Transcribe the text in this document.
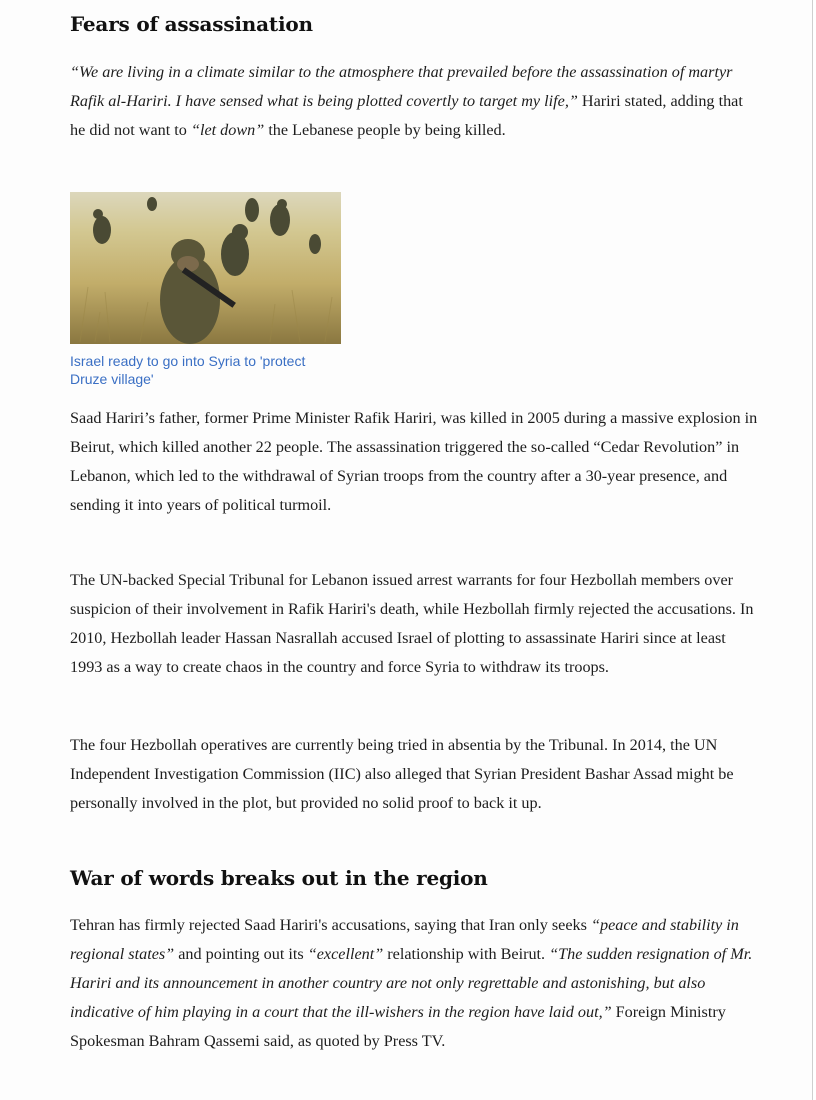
Fears of assassination

“We are living in a climate similar to the atmosphere that prevailed before the assassination of martyr Rafik al-Hariri. I have sensed what is being plotted covertly to target my life,” Hariri stated, adding that he did not want to “let down” the Lebanese people by being killed.

Israel ready to go into Syria to 'protect Druze village'

Saad Hariri’s father, former Prime Minister Rafik Hariri, was killed in 2005 during a massive explosion in Beirut, which killed another 22 people. The assassination triggered the so-called “Cedar Revolution” in Lebanon, which led to the withdrawal of Syrian troops from the country after a 30-year presence, and sending it into years of political turmoil.

The UN-backed Special Tribunal for Lebanon issued arrest warrants for four Hezbollah members over suspicion of their involvement in Rafik Hariri's death, while Hezbollah firmly rejected the accusations. In 2010, Hezbollah leader Hassan Nasrallah accused Israel of plotting to assassinate Hariri since at least 1993 as a way to create chaos in the country and force Syria to withdraw its troops.

The four Hezbollah operatives are currently being tried in absentia by the Tribunal. In 2014, the UN Independent Investigation Commission (IIC) also alleged that Syrian President Bashar Assad might be personally involved in the plot, but provided no solid proof to back it up.

War of words breaks out in the region

Tehran has firmly rejected Saad Hariri's accusations, saying that Iran only seeks “peace and stability in regional states” and pointing out its “excellent” relationship with Beirut. “The sudden resignation of Mr. Hariri and its announcement in another country are not only regrettable and astonishing, but also indicative of him playing in a court that the ill-wishers in the region have laid out,” Foreign Ministry Spokesman Bahram Qassemi said, as quoted by Press TV.
